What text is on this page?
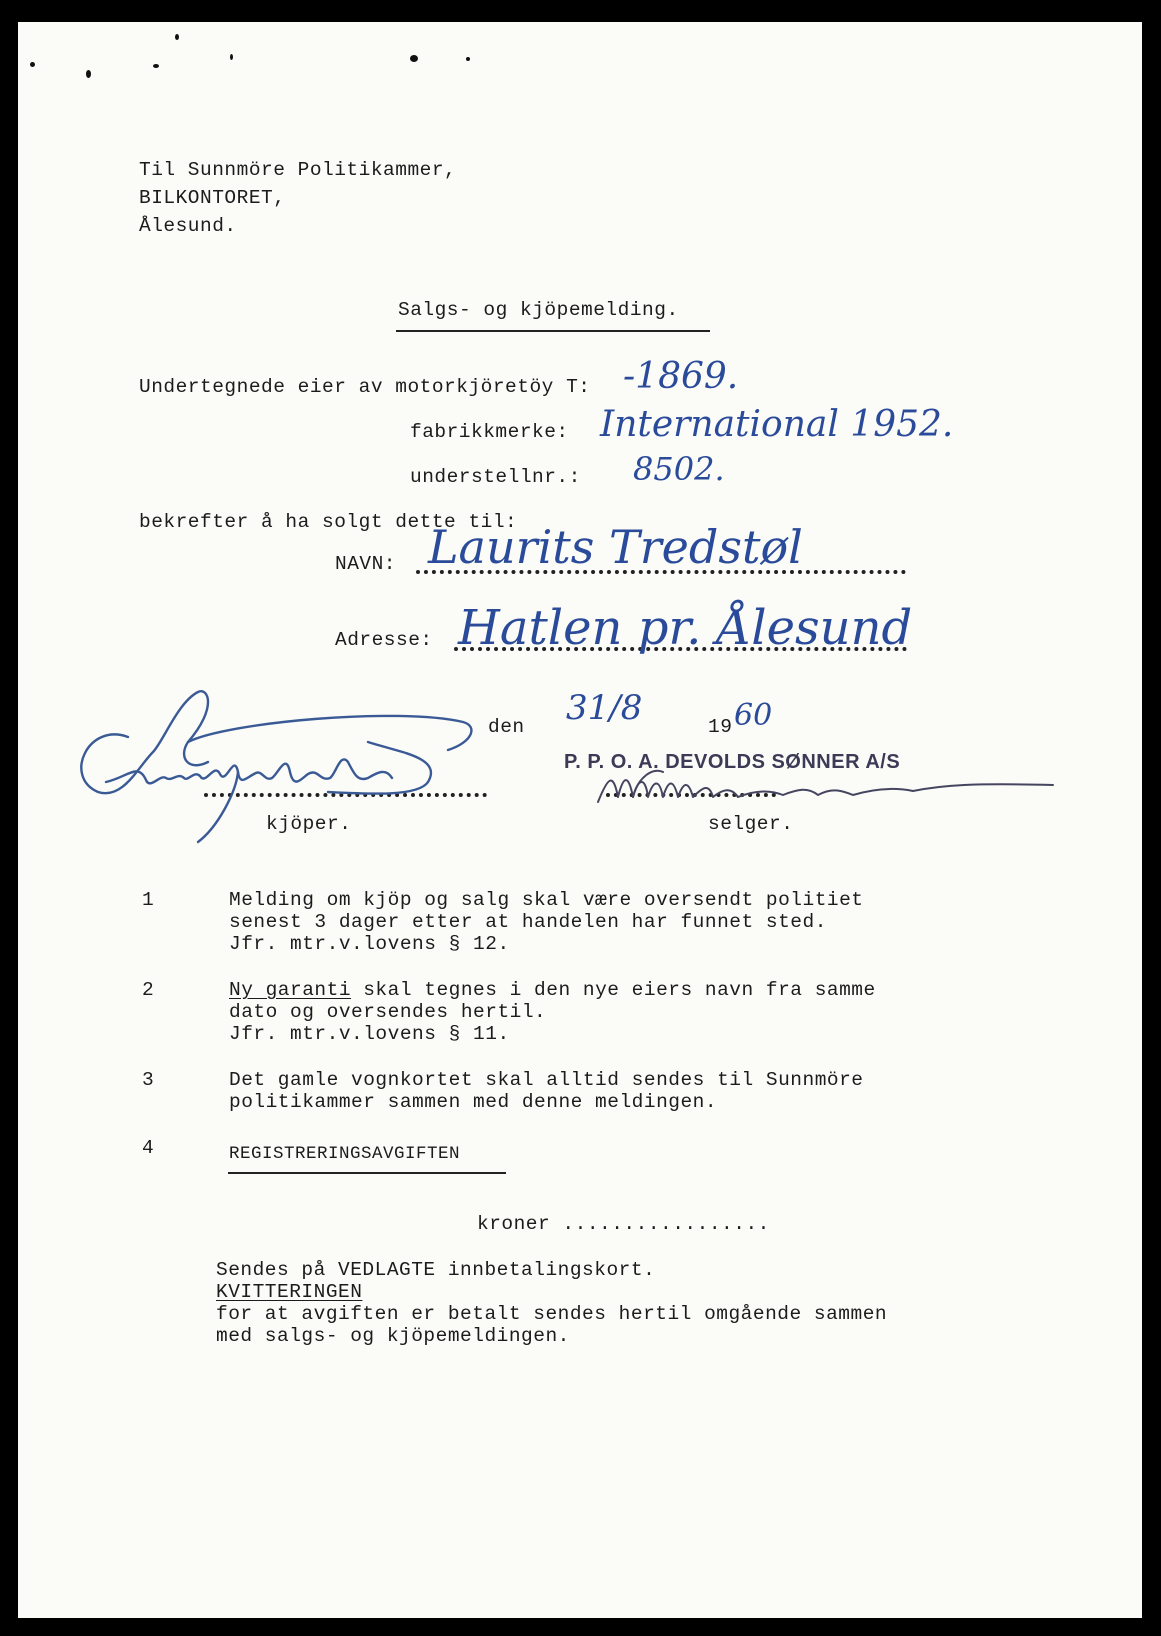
Til Sunnmöre Politikammer,
BILKONTORET,
Ålesund.
Salgs- og kjöpemelding.
Undertegnede eier av motorkjöretöy T: -1869.
fabrikkmerke: International 1952.
understellnr.: 8502.
bekrefter å ha solgt dette til:
NAVN: Laurits Tredstøl
Adresse: Hatlen pr. Ålesund
den 31/8	19 60
P. P. O. A. DEVOLDS SØNNER A/S
kjöper.	selger.
1	Melding om kjöp og salg skal være oversendt politiet
senest 3 dager etter at handelen har funnet sted.
Jfr. mtr.v.lovens § 12.
2	Ny garanti skal tegnes i den nye eiers navn fra samme
dato og oversendes hertil.
Jfr. mtr.v.lovens § 11.
3	Det gamle vognkortet skal alltid sendes til Sunnmöre
politikammer sammen med denne meldingen.
4	REGISTRERINGSAVGIFTEN
kroner .................
Sendes på VEDLAGTE innbetalingskort.
KVITTERINGEN
for at avgiften er betalt sendes hertil omgående sammen
med salgs- og kjöpemeldingen.
